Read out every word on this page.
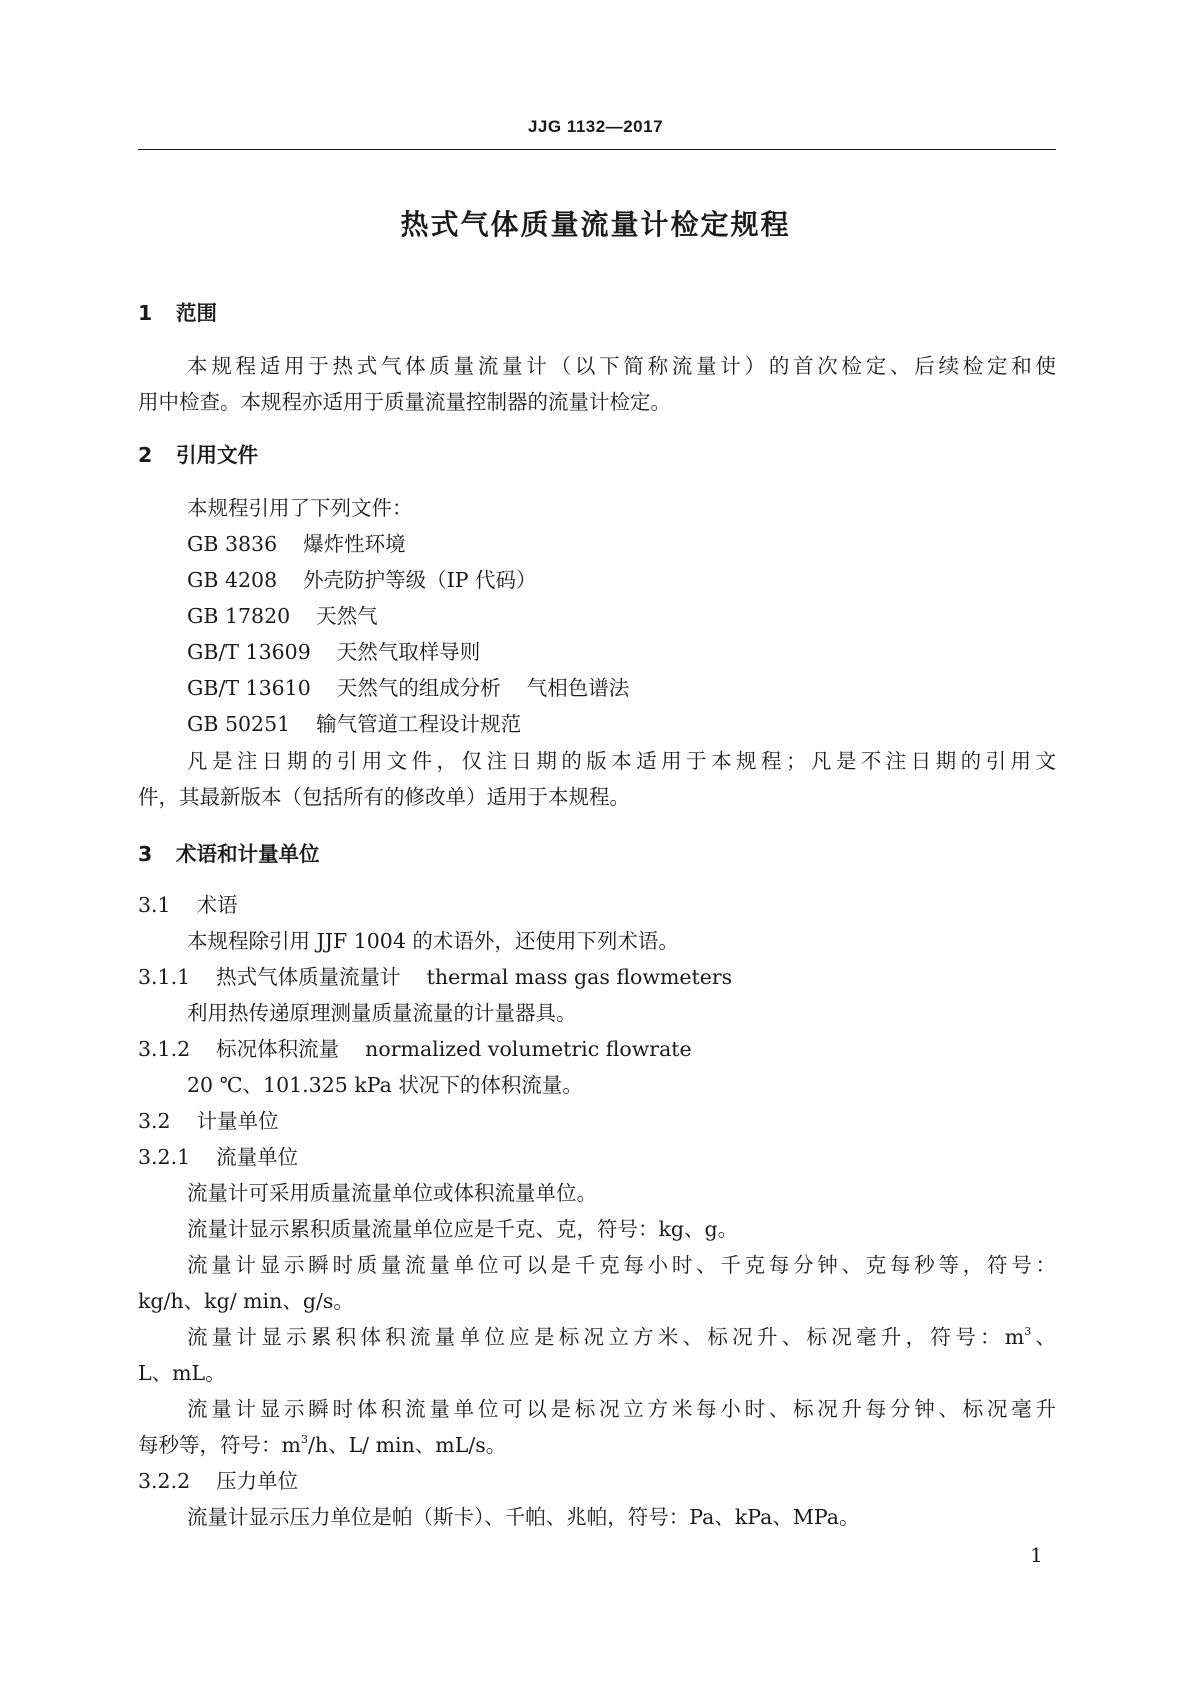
JJG 1132—2017
热式气体质量流量计检定规程
1 范围
本规程适用于热式气体质量流量计（以下简称流量计）的首次检定、后续检定和使
用中检查。本规程亦适用于质量流量控制器的流量计检定。
2 引用文件
本规程引用了下列文件：
GB 3836 爆炸性环境
GB 4208 外壳防护等级（IP 代码）
GB 17820 天然气
GB/T 13609 天然气取样导则
GB/T 13610 天然气的组成分析 气相色谱法
GB 50251 输气管道工程设计规范
凡是注日期的引用文件，仅注日期的版本适用于本规程；凡是不注日期的引用文
件，其最新版本（包括所有的修改单）适用于本规程。
3 术语和计量单位
3.1 术语
本规程除引用 JJF 1004 的术语外，还使用下列术语。
3.1.1 热式气体质量流量计 thermal mass gas flowmeters
利用热传递原理测量质量流量的计量器具。
3.1.2 标况体积流量 normalized volumetric flowrate
20 ℃、101.325 kPa 状况下的体积流量。
3.2 计量单位
3.2.1 流量单位
流量计可采用质量流量单位或体积流量单位。
流量计显示累积质量流量单位应是千克、克，符号：kg、g。
流量计显示瞬时质量流量单位可以是千克每小时、千克每分钟、克每秒等，符号：
kg/h、kg/ min、g/s。
流量计显示累积体积流量单位应是标况立方米、标况升、标况毫升，符号：$m^3$、
L、mL。
流量计显示瞬时体积流量单位可以是标况立方米每小时、标况升每分钟、标况毫升
每秒等，符号：$m^3/h$、L/ min、mL/s。
3.2.2 压力单位
流量计显示压力单位是帕（斯卡）、千帕、兆帕，符号：Pa、kPa、MPa。
1
